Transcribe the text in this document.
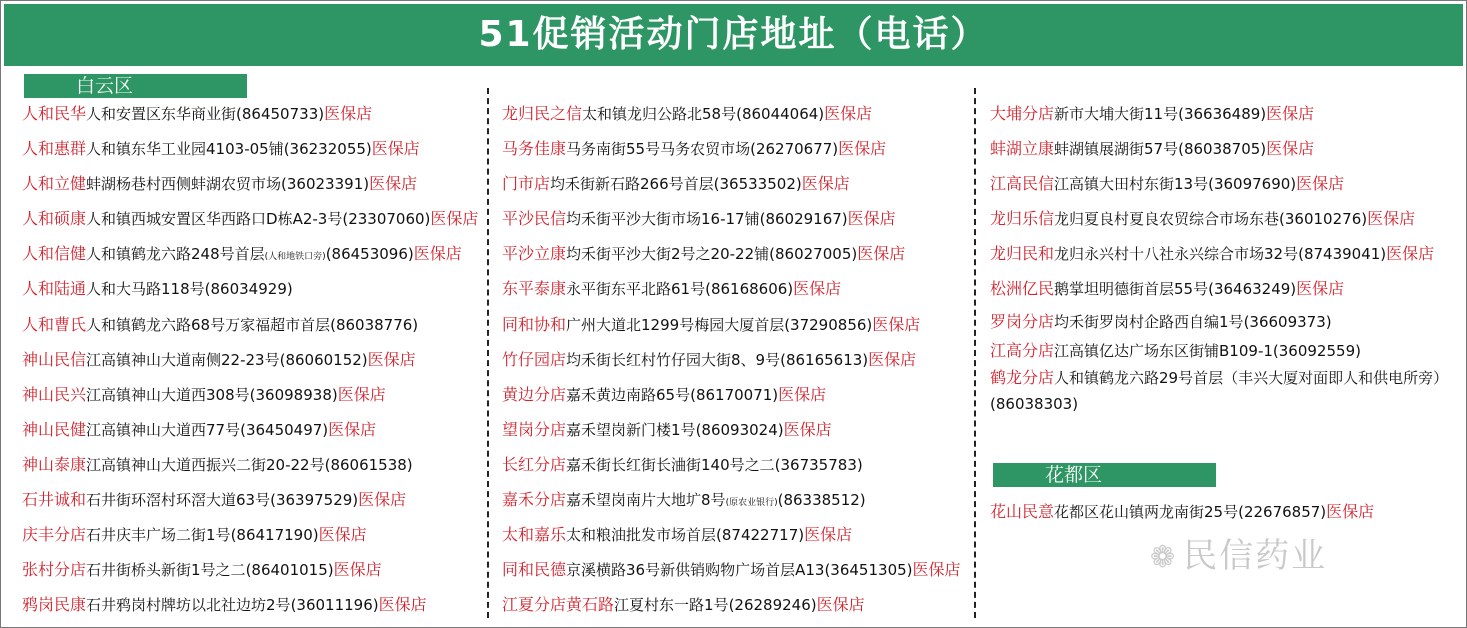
51促销活动门店地址（电话）
白云区
花都区
人和民华人和安置区东华商业街(86450733)医保店
人和惠群人和镇东华工业园4103-05铺(36232055)医保店
人和立健蚌湖杨巷村西侧蚌湖农贸市场(36023391)医保店
人和硕康人和镇西城安置区华西路口D栋A2-3号(23307060)医保店
人和信健人和镇鹤龙六路248号首层(人和地铁口旁)(86453096)医保店
人和陆通人和大马路118号(86034929)
人和曹氏人和镇鹤龙六路68号万家福超市首层(86038776)
神山民信江高镇神山大道南侧22-23号(86060152)医保店
神山民兴江高镇神山大道西308号(36098938)医保店
神山民健江高镇神山大道西77号(36450497)医保店
神山泰康江高镇神山大道西振兴二街20-22号(86061538)
石井诚和石井街环滘村环滘大道63号(36397529)医保店
庆丰分店石井庆丰广场二街1号(86417190)医保店
张村分店石井街桥头新街1号之二(86401015)医保店
鸦岗民康石井鸦岗村牌坊以北社边坊2号(36011196)医保店
龙归民之信太和镇龙归公路北58号(86044064)医保店
马务佳康马务南街55号马务农贸市场(26270677)医保店
门市店均禾街新石路266号首层(36533502)医保店
平沙民信均禾街平沙大街市场16-17铺(86029167)医保店
平沙立康均禾街平沙大街2号之20-22铺(86027005)医保店
东平泰康永平街东平北路61号(86168606)医保店
同和协和广州大道北1299号梅园大厦首层(37290856)医保店
竹仔园店均禾街长红村竹仔园大街8、9号(86165613)医保店
黄边分店嘉禾黄边南路65号(86170071)医保店
望岗分店嘉禾望岗新门楼1号(86093024)医保店
长红分店嘉禾街长红街长浀街140号之二(36735783)
嘉禾分店嘉禾望岗南片大地圹8号(原农业银行)(86338512)
太和嘉乐太和粮油批发市场首层(87422717)医保店
同和民德京溪横路36号新供销购物广场首层A13(36451305)医保店
江夏分店黄石路江夏村东一路1号(26289246)医保店
大埔分店新市大埔大街11号(36636489)医保店
蚌湖立康蚌湖镇展湖街57号(86038705)医保店
江高民信江高镇大田村东街13号(36097690)医保店
龙归乐信龙归夏良村夏良农贸综合市场东巷(36010276)医保店
龙归民和龙归永兴村十八社永兴综合市场32号(87439041)医保店
松洲亿民鹅掌坦明德街首层55号(36463249)医保店
罗岗分店均禾街罗岗村企路西自编1号(36609373)
江高分店江高镇亿达广场东区街铺B109-1(36092559)
鹤龙分店人和镇鹤龙六路29号首层（丰兴大厦对面即人和供电所旁）(86038303)
花山民意花都区花山镇两龙南街25号(22676857)医保店
❁ 民信药业
